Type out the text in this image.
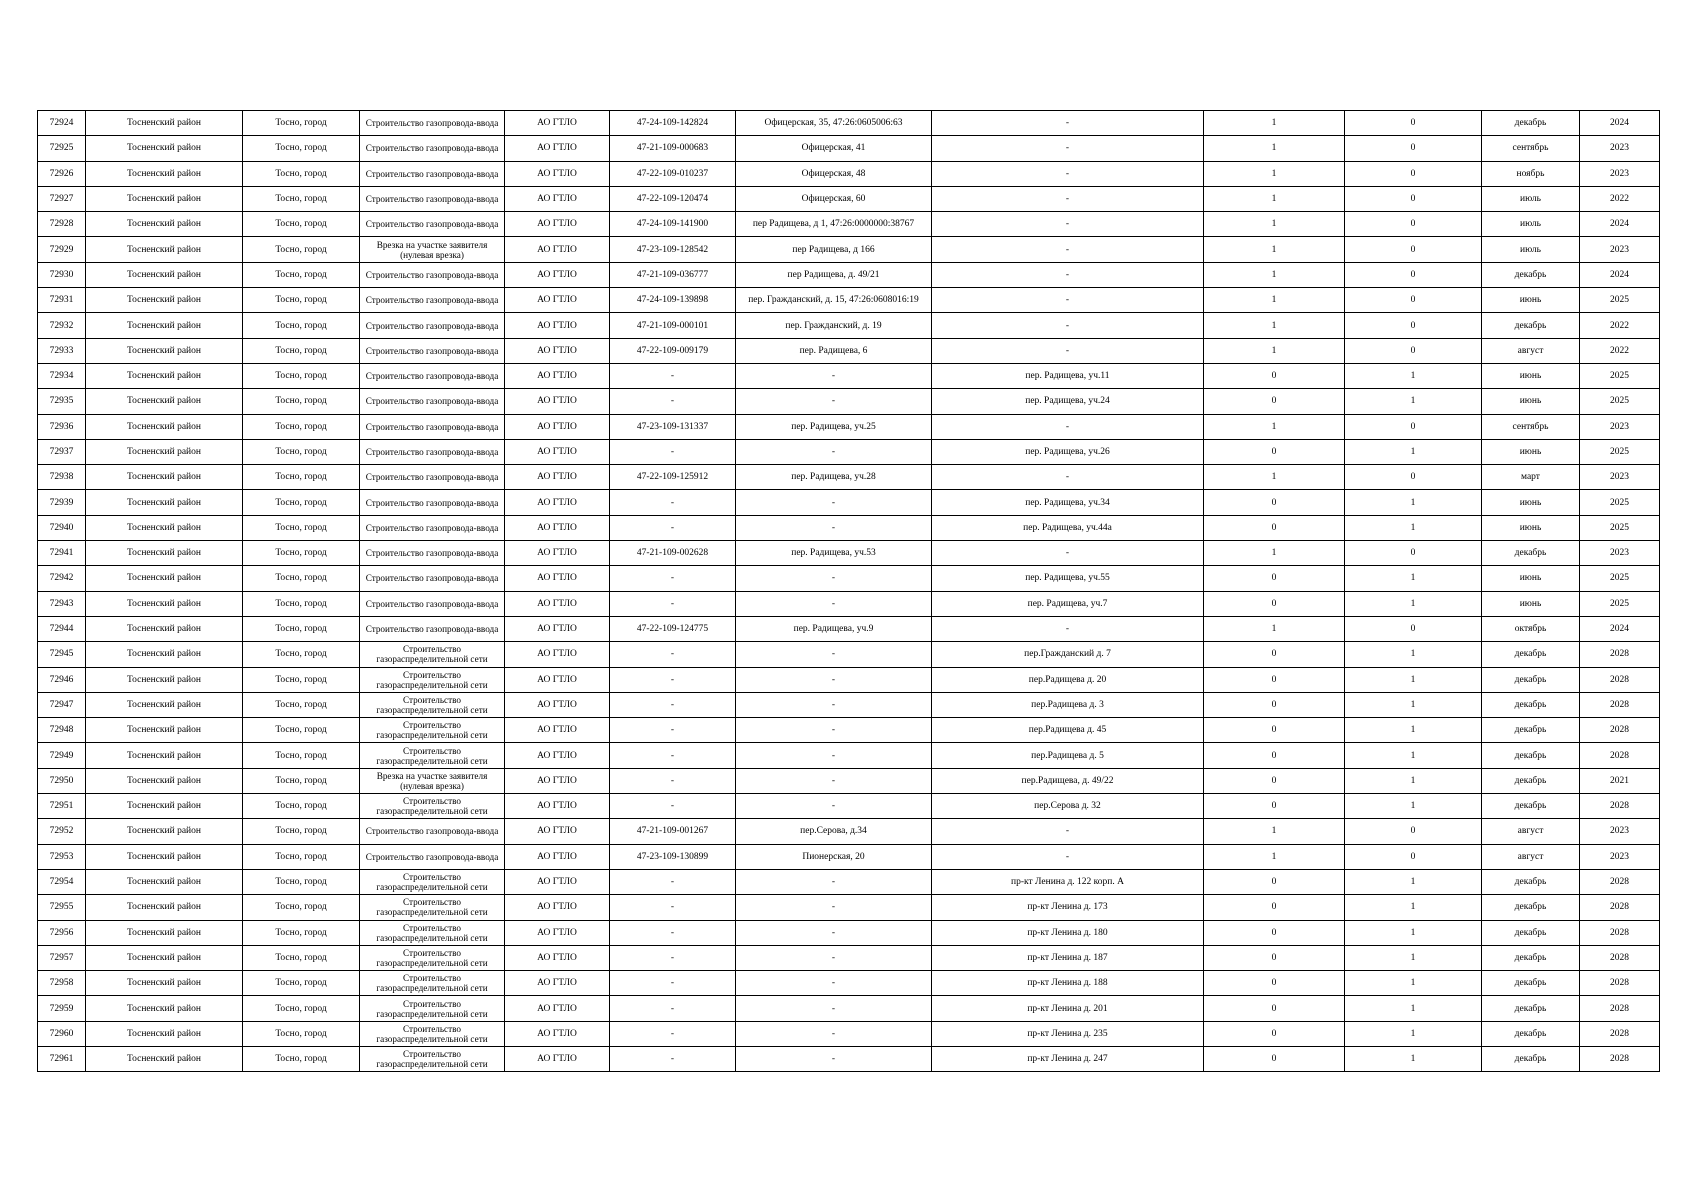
72924	Тосненский район	Тосно, город	Строительство газопровода-ввода	АО ГТЛО	47-24-109-142824	Офицерская, 35, 47:26:0605006:63	-	1	0	декабрь	2024
72925	Тосненский район	Тосно, город	Строительство газопровода-ввода	АО ГТЛО	47-21-109-000683	Офицерская, 41	-	1	0	сентябрь	2023
72926	Тосненский район	Тосно, город	Строительство газопровода-ввода	АО ГТЛО	47-22-109-010237	Офицерская, 48	-	1	0	ноябрь	2023
72927	Тосненский район	Тосно, город	Строительство газопровода-ввода	АО ГТЛО	47-22-109-120474	Офицерская, 60	-	1	0	июль	2022
72928	Тосненский район	Тосно, город	Строительство газопровода-ввода	АО ГТЛО	47-24-109-141900	пер Радищева, д 1, 47:26:0000000:38767	-	1	0	июль	2024
72929	Тосненский район	Тосно, город	Врезка на участке заявителя (нулевая врезка)	АО ГТЛО	47-23-109-128542	пер Радищева, д 166	-	1	0	июль	2023
72930	Тосненский район	Тосно, город	Строительство газопровода-ввода	АО ГТЛО	47-21-109-036777	пер Радищева, д. 49/21	-	1	0	декабрь	2024
72931	Тосненский район	Тосно, город	Строительство газопровода-ввода	АО ГТЛО	47-24-109-139898	пер. Гражданский, д. 15, 47:26:0608016:19	-	1	0	июнь	2025
72932	Тосненский район	Тосно, город	Строительство газопровода-ввода	АО ГТЛО	47-21-109-000101	пер. Гражданский, д. 19	-	1	0	декабрь	2022
72933	Тосненский район	Тосно, город	Строительство газопровода-ввода	АО ГТЛО	47-22-109-009179	пер. Радищева, 6	-	1	0	август	2022
72934	Тосненский район	Тосно, город	Строительство газопровода-ввода	АО ГТЛО	-	-	пер. Радищева, уч.11	0	1	июнь	2025
72935	Тосненский район	Тосно, город	Строительство газопровода-ввода	АО ГТЛО	-	-	пер. Радищева, уч.24	0	1	июнь	2025
72936	Тосненский район	Тосно, город	Строительство газопровода-ввода	АО ГТЛО	47-23-109-131337	пер. Радищева, уч.25	-	1	0	сентябрь	2023
72937	Тосненский район	Тосно, город	Строительство газопровода-ввода	АО ГТЛО	-	-	пер. Радищева, уч.26	0	1	июнь	2025
72938	Тосненский район	Тосно, город	Строительство газопровода-ввода	АО ГТЛО	47-22-109-125912	пер. Радищева, уч.28	-	1	0	март	2023
72939	Тосненский район	Тосно, город	Строительство газопровода-ввода	АО ГТЛО	-	-	пер. Радищева, уч.34	0	1	июнь	2025
72940	Тосненский район	Тосно, город	Строительство газопровода-ввода	АО ГТЛО	-	-	пер. Радищева, уч.44а	0	1	июнь	2025
72941	Тосненский район	Тосно, город	Строительство газопровода-ввода	АО ГТЛО	47-21-109-002628	пер. Радищева, уч.53	-	1	0	декабрь	2023
72942	Тосненский район	Тосно, город	Строительство газопровода-ввода	АО ГТЛО	-	-	пер. Радищева, уч.55	0	1	июнь	2025
72943	Тосненский район	Тосно, город	Строительство газопровода-ввода	АО ГТЛО	-	-	пер. Радищева, уч.7	0	1	июнь	2025
72944	Тосненский район	Тосно, город	Строительство газопровода-ввода	АО ГТЛО	47-22-109-124775	пер. Радищева, уч.9	-	1	0	октябрь	2024
72945	Тосненский район	Тосно, город	Строительство газораспределительной сети	АО ГТЛО	-	-	пер.Гражданский д. 7	0	1	декабрь	2028
72946	Тосненский район	Тосно, город	Строительство газораспределительной сети	АО ГТЛО	-	-	пер.Радищева д. 20	0	1	декабрь	2028
72947	Тосненский район	Тосно, город	Строительство газораспределительной сети	АО ГТЛО	-	-	пер.Радищева д. 3	0	1	декабрь	2028
72948	Тосненский район	Тосно, город	Строительство газораспределительной сети	АО ГТЛО	-	-	пер.Радищева д. 45	0	1	декабрь	2028
72949	Тосненский район	Тосно, город	Строительство газораспределительной сети	АО ГТЛО	-	-	пер.Радищева д. 5	0	1	декабрь	2028
72950	Тосненский район	Тосно, город	Врезка на участке заявителя (нулевая врезка)	АО ГТЛО	-	-	пер.Радищева, д. 49/22	0	1	декабрь	2021
72951	Тосненский район	Тосно, город	Строительство газораспределительной сети	АО ГТЛО	-	-	пер.Серова д. 32	0	1	декабрь	2028
72952	Тосненский район	Тосно, город	Строительство газопровода-ввода	АО ГТЛО	47-21-109-001267	пер.Серова, д.34	-	1	0	август	2023
72953	Тосненский район	Тосно, город	Строительство газопровода-ввода	АО ГТЛО	47-23-109-130899	Пионерская, 20	-	1	0	август	2023
72954	Тосненский район	Тосно, город	Строительство газораспределительной сети	АО ГТЛО	-	-	пр-кт Ленина д. 122 корп. А	0	1	декабрь	2028
72955	Тосненский район	Тосно, город	Строительство газораспределительной сети	АО ГТЛО	-	-	пр-кт Ленина д. 173	0	1	декабрь	2028
72956	Тосненский район	Тосно, город	Строительство газораспределительной сети	АО ГТЛО	-	-	пр-кт Ленина д. 180	0	1	декабрь	2028
72957	Тосненский район	Тосно, город	Строительство газораспределительной сети	АО ГТЛО	-	-	пр-кт Ленина д. 187	0	1	декабрь	2028
72958	Тосненский район	Тосно, город	Строительство газораспределительной сети	АО ГТЛО	-	-	пр-кт Ленина д. 188	0	1	декабрь	2028
72959	Тосненский район	Тосно, город	Строительство газораспределительной сети	АО ГТЛО	-	-	пр-кт Ленина д. 201	0	1	декабрь	2028
72960	Тосненский район	Тосно, город	Строительство газораспределительной сети	АО ГТЛО	-	-	пр-кт Ленина д. 235	0	1	декабрь	2028
72961	Тосненский район	Тосно, город	Строительство газораспределительной сети	АО ГТЛО	-	-	пр-кт Ленина д. 247	0	1	декабрь	2028
